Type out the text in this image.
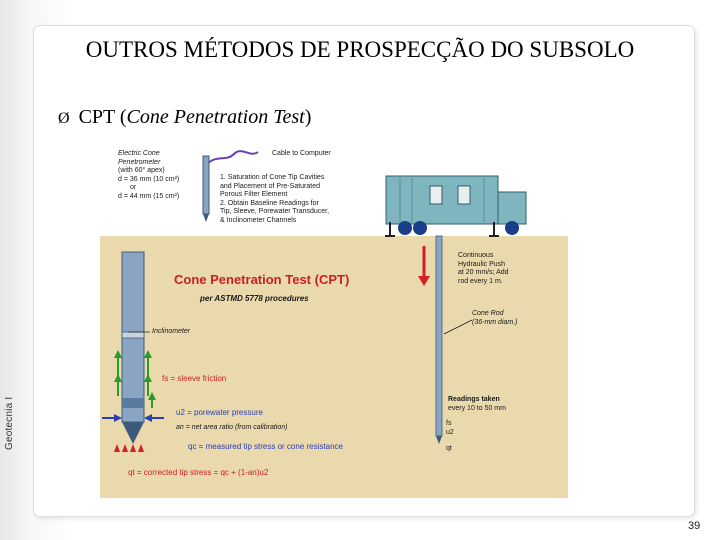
Geotecnia I
OUTROS MÉTODOS DE PROSPECÇÃO DO SUBSOLO
Ø CPT (Cone Penetration Test)
Electric Cone
Penetrometer
(with 60° apex)
d = 36 mm (10 cm²)
or
d = 44 mm (15 cm²)
Cable to Computer
1. Saturation of Cone Tip Cavities
and Placement of Pre-Saturated
Porous Filter Element
2. Obtain Baseline Readings for
Tip, Sleeve, Porewater Transducer,
& Inclinometer Channels
Cone Penetration Test (CPT)
per ASTMD 5778 procedures
Continuous
Hydraulic Push
at 20 mm/s; Add
rod every 1 m.
Cone Rod
(36-mm diam.)
Inclinometer
fs = sleeve friction
u2 = porewater pressure
an = net area ratio (from calibration)
qc = measured tip stress or cone resistance
qt = corrected tip stress = qc + (1-an)u2
Readings taken
every 10 to 50 mm
fs
u2
qt
39
